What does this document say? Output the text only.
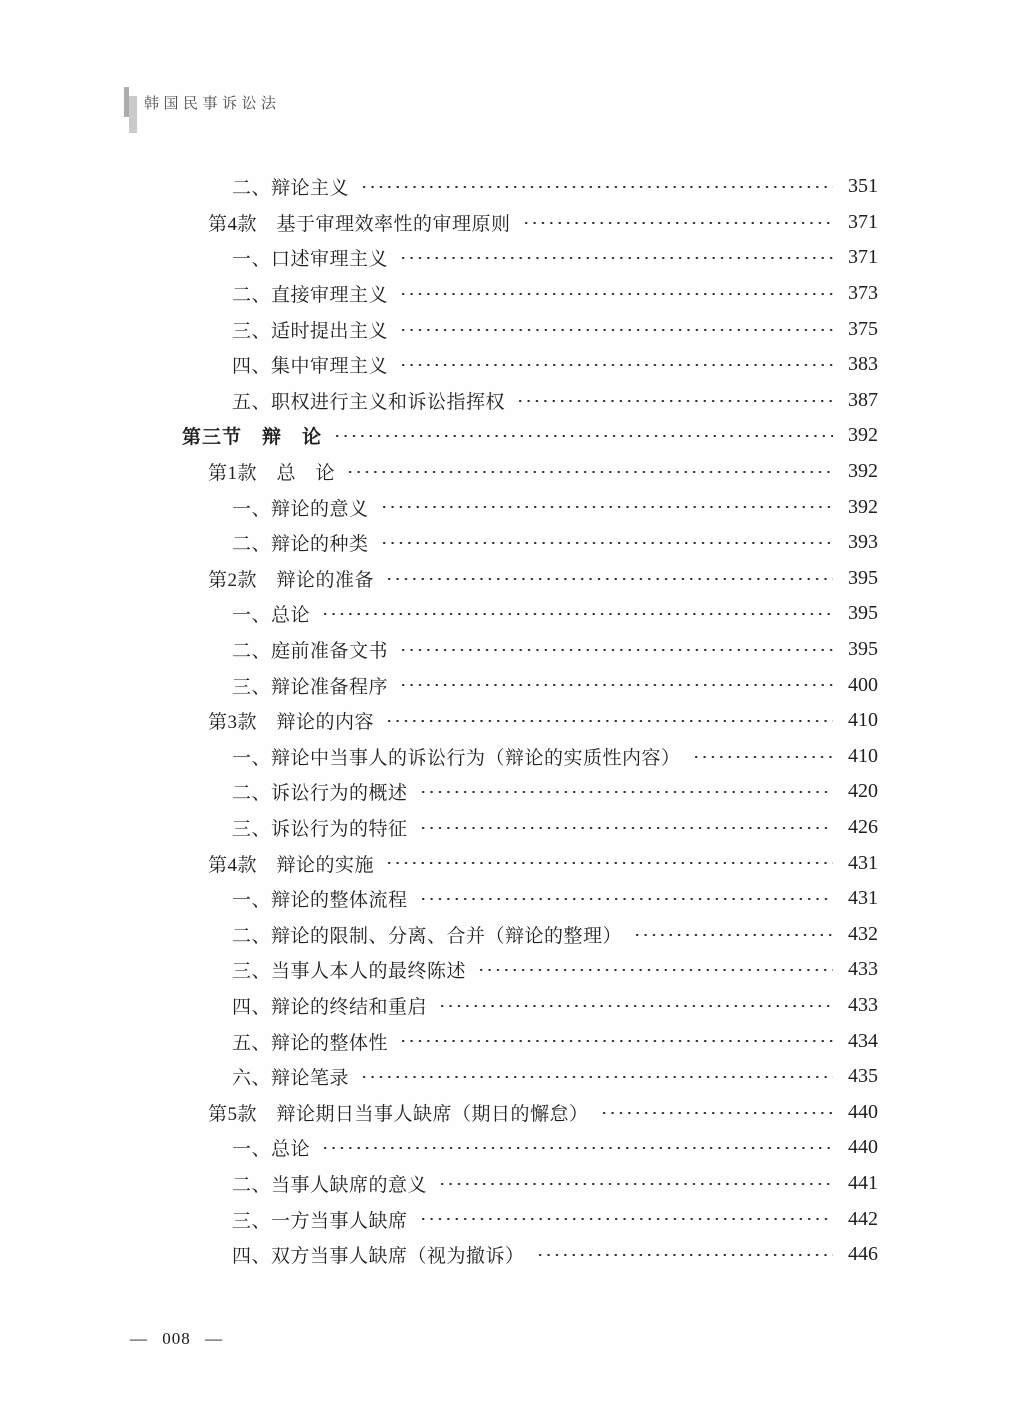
韩国民事诉讼法
二、辩论主义	351
第4款　基于审理效率性的审理原则	371
一、口述审理主义	371
二、直接审理主义	373
三、适时提出主义	375
四、集中审理主义	383
五、职权进行主义和诉讼指挥权	387
第三节　辩　论	392
第1款　总　论	392
一、辩论的意义	392
二、辩论的种类	393
第2款　辩论的准备	395
一、总论	395
二、庭前准备文书	395
三、辩论准备程序	400
第3款　辩论的内容	410
一、辩论中当事人的诉讼行为（辩论的实质性内容）	410
二、诉讼行为的概述	420
三、诉讼行为的特征	426
第4款　辩论的实施	431
一、辩论的整体流程	431
二、辩论的限制、分离、合并（辩论的整理）	432
三、当事人本人的最终陈述	433
四、辩论的终结和重启	433
五、辩论的整体性	434
六、辩论笔录	435
第5款　辩论期日当事人缺席（期日的懈怠）	440
一、总论	440
二、当事人缺席的意义	441
三、一方当事人缺席	442
四、双方当事人缺席（视为撤诉）	446
— 008 —
